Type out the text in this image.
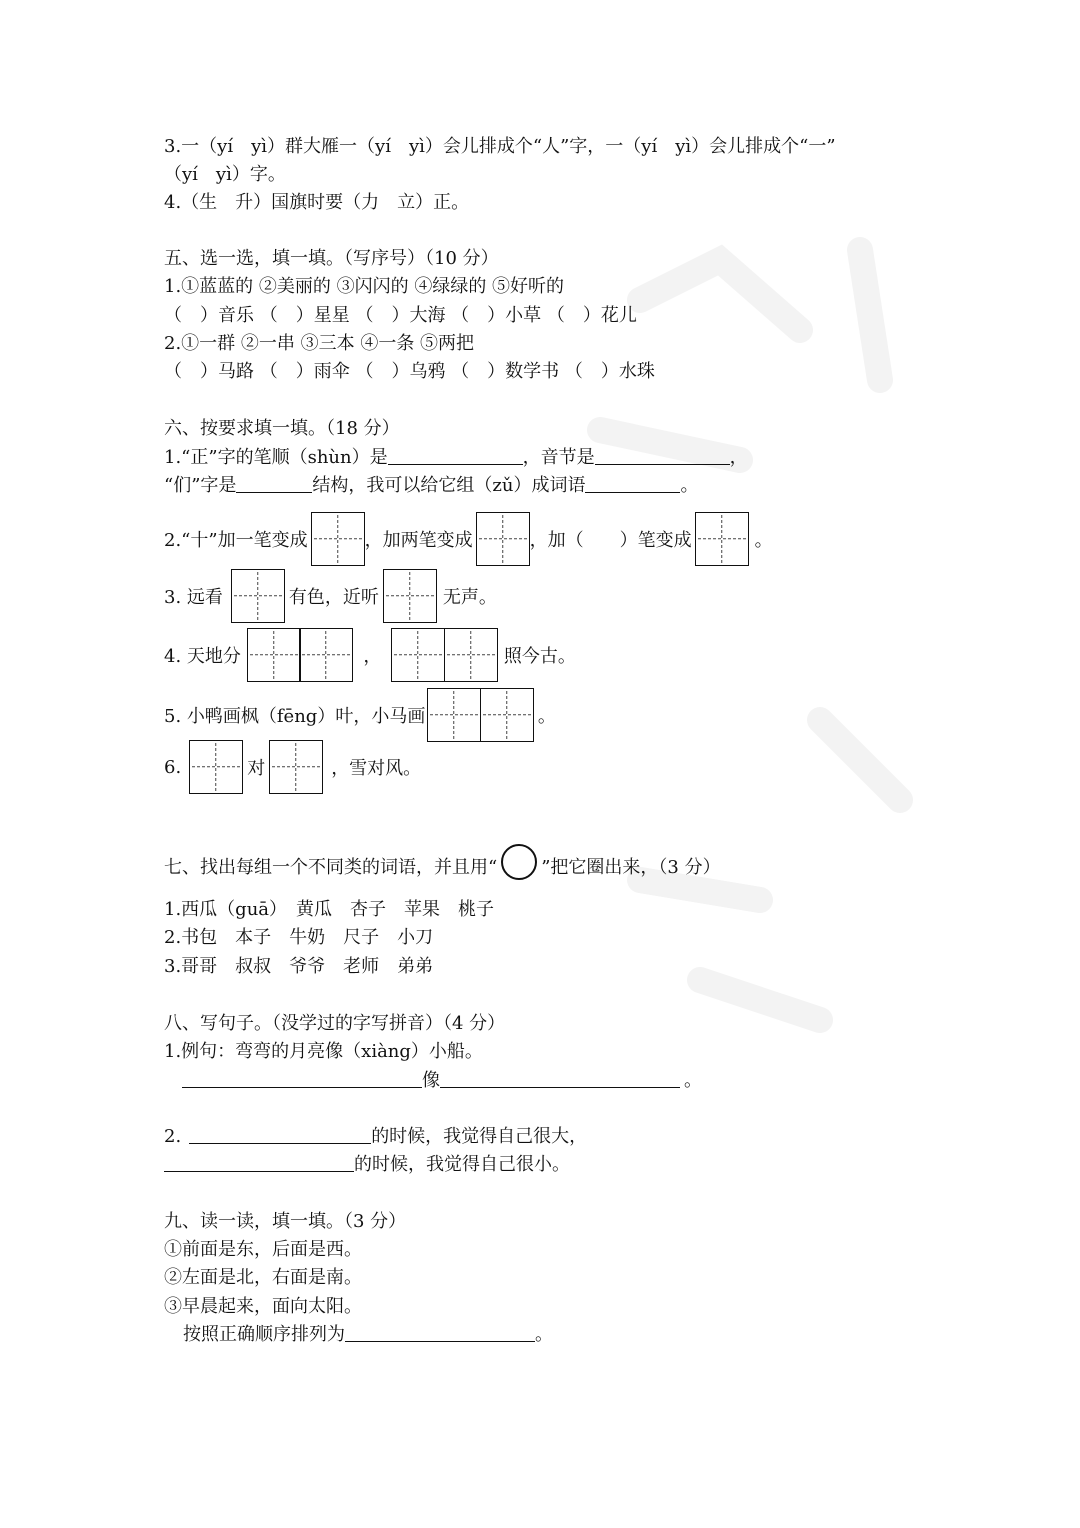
3.一（yí　yì）群大雁一（yí　yì）会儿排成个“人”字，一（yí　yì）会儿排成个“一”
（yí　yì）字。
4.（生　升）国旗时要（力　立）正。
五、选一选，填一填。（写序号）（10 分）
1.①蓝蓝的 ②美丽的 ③闪闪的 ④绿绿的 ⑤好听的
（　）音乐 （　）星星 （　）大海 （　）小草 （　）花儿
2.①一群 ②一串 ③三本 ④一条 ⑤两把
（　）马路 （　）雨伞 （　）乌鸦 （　）数学书 （　）水珠
六、按要求填一填。（18 分）
1.“正”字的笔顺（shùn）是	，音节是	，
“们”字是	结构，我可以给它组（zǔ）成词语	。
2.“十”加一笔变成	，加两笔变成	，加（　　）笔变成	。
3. 远看	有色，近听	无声。
4. 天地分	，	照今古。
5. 小鸭画枫（fēng）叶，小马画	。
6.	对	，雪对风。
七、找出每组一个不同类的词语，并且用“ ”把它圈出来，（3 分）
1.西瓜（guā）　黄瓜　杏子　苹果　桃子
2.书包　本子　牛奶　尺子　小刀
3.哥哥　叔叔　爷爷　老师　弟弟
八、写句子。（没学过的字写拼音）（4 分）
1.例句：弯弯的月亮像（xiàng）小船。
像	。
2.	的时候，我觉得自己很大，
的时候，我觉得自己很小。
九、读一读，填一填。（3 分）
①前面是东，后面是西。
②左面是北，右面是南。
③早晨起来，面向太阳。
按照正确顺序排列为	。
